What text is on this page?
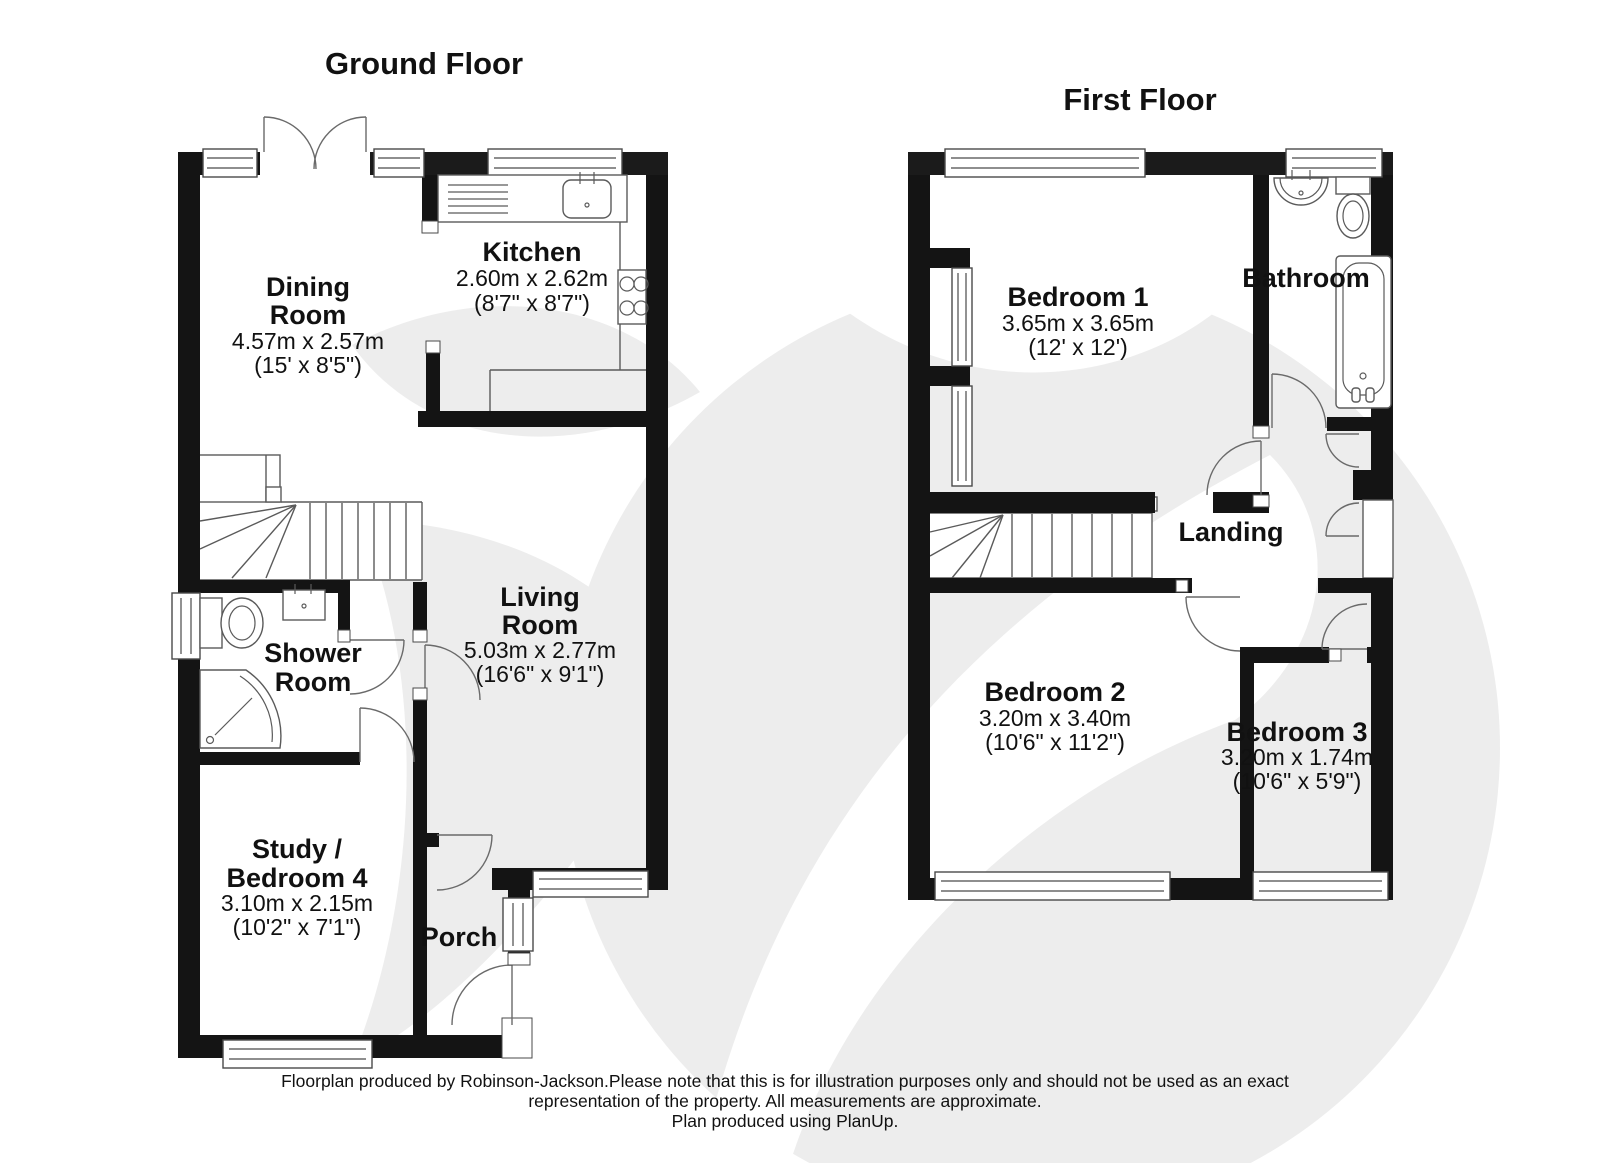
Ground Floor
Dining
Room
4.57m x 2.57m
(15' x 8'5")
Kitchen
2.60m x 2.62m
(8'7" x 8'7")
Living
Room
5.03m x 2.77m
(16'6" x 9'1")
Shower
Room
Study /
Bedroom 4
3.10m x 2.15m
(10'2" x 7'1") Porch
First Floor
Bedroom 1
3.65m x 3.65m
(12' x 12')
Bathroom
Landing
Bedroom 2
3.20m x 3.40m
(10'6" x 11'2")	Bedroom 3
3.20m x 1.74m
(10'6" x 5'9")
Floorplan produced by Robinson-Jackson.Please note that this is for illustration purposes only and should not be used as an exact
representation of the property. All measurements are approximate.
Plan produced using PlanUp.
